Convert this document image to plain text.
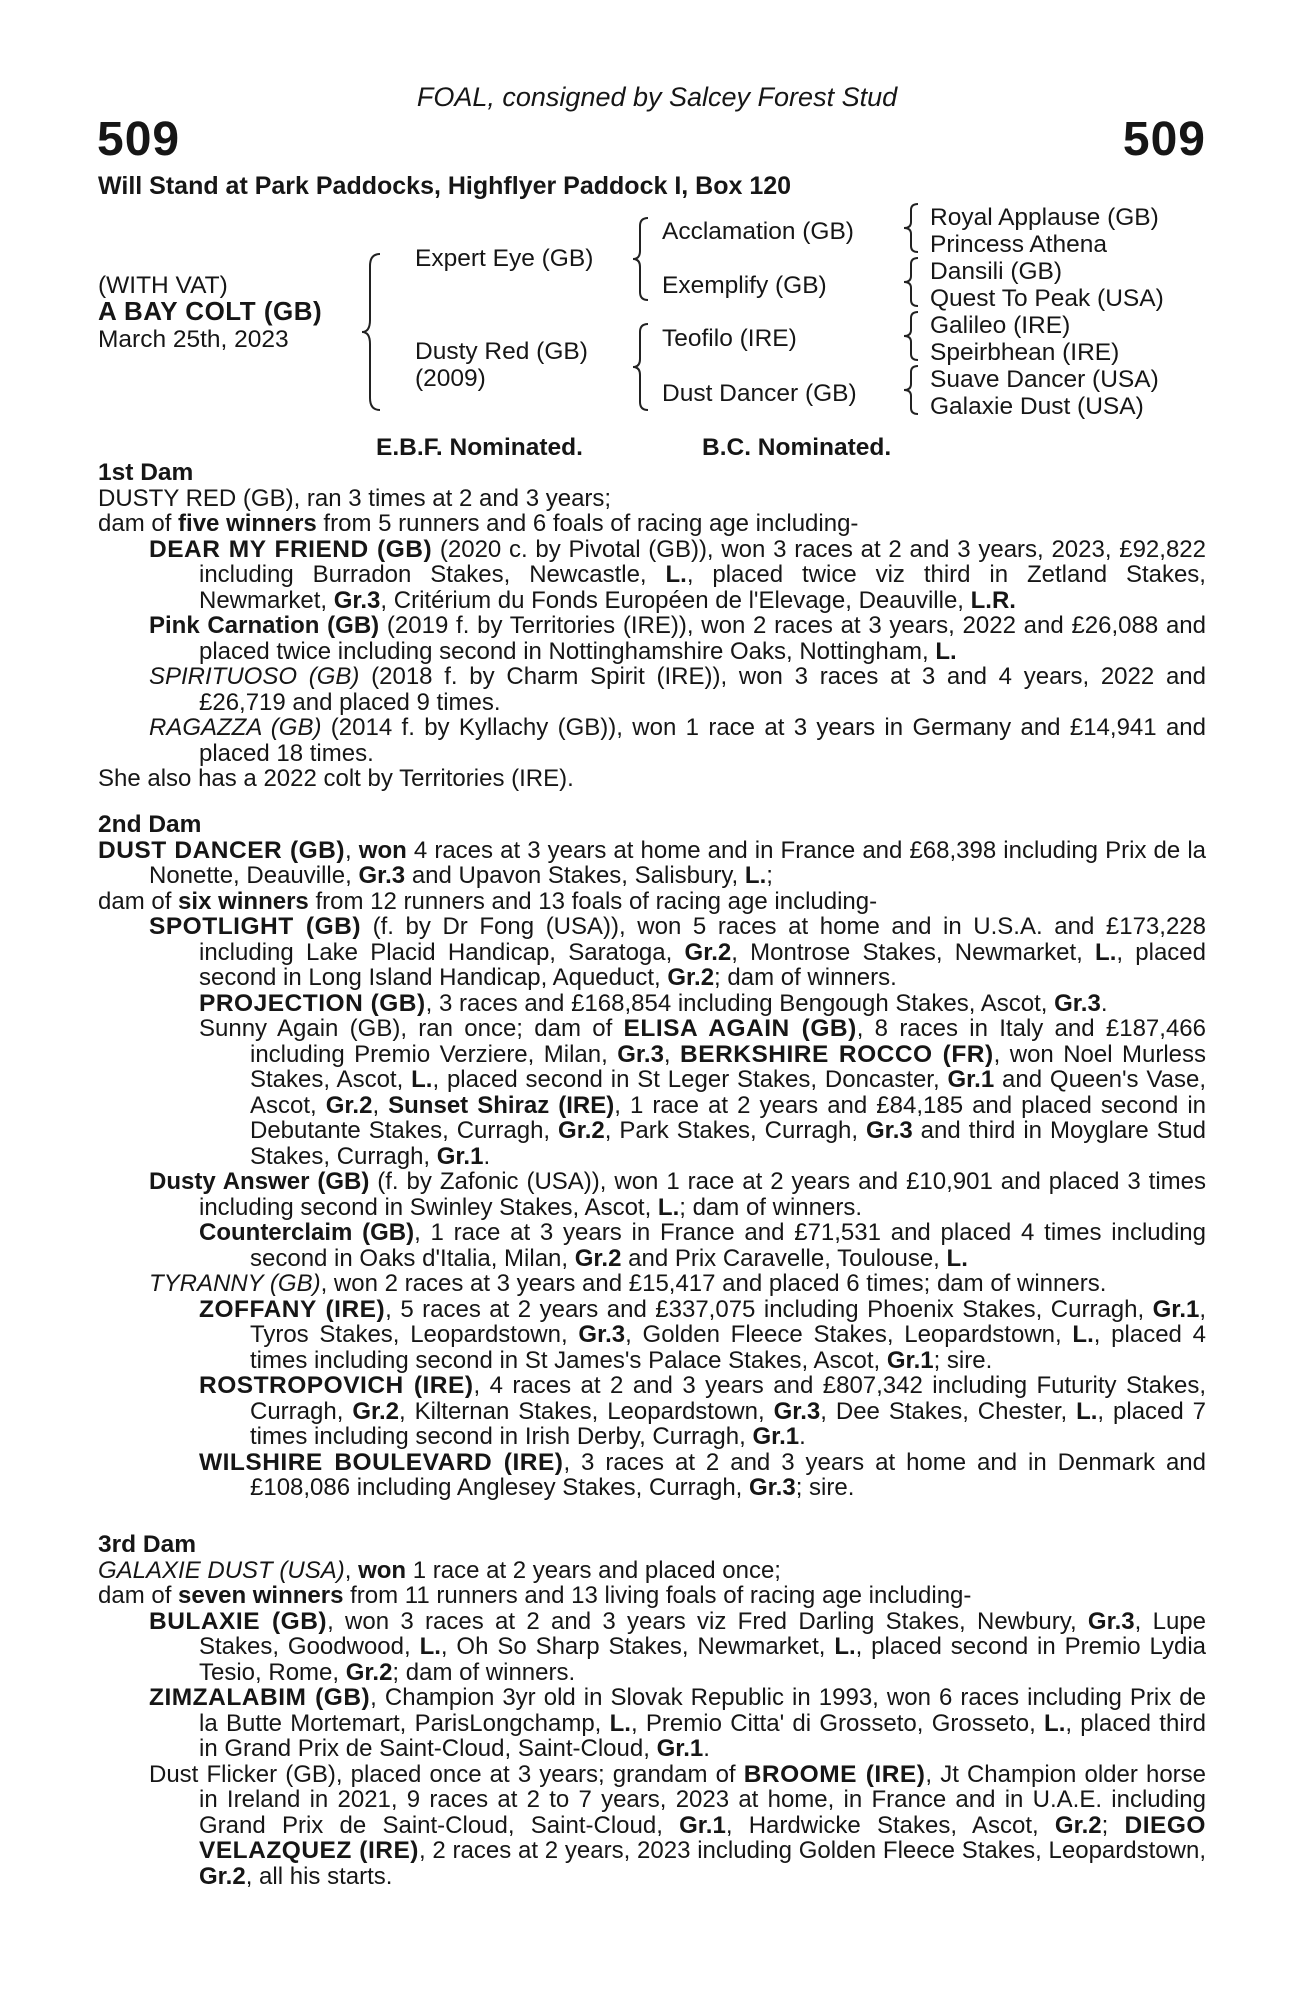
FOAL, consigned by Salcey Forest Stud
509	509
Will Stand at Park Paddocks, Highflyer Paddock I, Box 120
(WITH VAT)
A BAY COLT (GB)
March 25th, 2023
Expert Eye (GB)
Dusty Red (GB)
(2009)
Acclamation (GB)
Exemplify (GB)
Teofilo (IRE)
Dust Dancer (GB)
Royal Applause (GB)
Princess Athena
Dansili (GB)
Quest To Peak (USA)
Galileo (IRE)
Speirbhean (IRE)
Suave Dancer (USA)
Galaxie Dust (USA)
E.B.F. Nominated.	B.C. Nominated.

1st Dam

DUSTY RED (GB), ran 3 times at 2 and 3 years;

dam of five winners from 5 runners and 6 foals of racing age including-

DEAR MY FRIEND (GB) (2020 c. by Pivotal (GB)), won 3 races at 2 and 3 years, 2023, £92,822 including Burradon Stakes, Newcastle, L., placed twice viz third in Zetland Stakes, Newmarket, Gr.3, Critérium du Fonds Européen de l'Elevage, Deauville, L.R.

Pink Carnation (GB) (2019 f. by Territories (IRE)), won 2 races at 3 years, 2022 and £26,088 and placed twice including second in Nottinghamshire Oaks, Nottingham, L.

SPIRITUOSO (GB) (2018 f. by Charm Spirit (IRE)), won 3 races at 3 and 4 years, 2022 and £26,719 and placed 9 times.

RAGAZZA (GB) (2014 f. by Kyllachy (GB)), won 1 race at 3 years in Germany and £14,941 and placed 18 times.

She also has a 2022 colt by Territories (IRE).

2nd Dam

DUST DANCER (GB), won 4 races at 3 years at home and in France and £68,398 including Prix de la Nonette, Deauville, Gr.3 and Upavon Stakes, Salisbury, L.;

dam of six winners from 12 runners and 13 foals of racing age including-

SPOTLIGHT (GB) (f. by Dr Fong (USA)), won 5 races at home and in U.S.A. and £173,228 including Lake Placid Handicap, Saratoga, Gr.2, Montrose Stakes, Newmarket, L., placed second in Long Island Handicap, Aqueduct, Gr.2; dam of winners.

PROJECTION (GB), 3 races and £168,854 including Bengough Stakes, Ascot, Gr.3.

Sunny Again (GB), ran once; dam of ELISA AGAIN (GB), 8 races in Italy and £187,466 including Premio Verziere, Milan, Gr.3, BERKSHIRE ROCCO (FR), won Noel Murless Stakes, Ascot, L., placed second in St Leger Stakes, Doncaster, Gr.1 and Queen's Vase, Ascot, Gr.2, Sunset Shiraz (IRE), 1 race at 2 years and £84,185 and placed second in Debutante Stakes, Curragh, Gr.2, Park Stakes, Curragh, Gr.3 and third in Moyglare Stud Stakes, Curragh, Gr.1.

Dusty Answer (GB) (f. by Zafonic (USA)), won 1 race at 2 years and £10,901 and placed 3 times including second in Swinley Stakes, Ascot, L.; dam of winners.

Counterclaim (GB), 1 race at 3 years in France and £71,531 and placed 4 times including second in Oaks d'Italia, Milan, Gr.2 and Prix Caravelle, Toulouse, L.

TYRANNY (GB), won 2 races at 3 years and £15,417 and placed 6 times; dam of winners.

ZOFFANY (IRE), 5 races at 2 years and £337,075 including Phoenix Stakes, Curragh, Gr.1, Tyros Stakes, Leopardstown, Gr.3, Golden Fleece Stakes, Leopardstown, L., placed 4 times including second in St James's Palace Stakes, Ascot, Gr.1; sire.

ROSTROPOVICH (IRE), 4 races at 2 and 3 years and £807,342 including Futurity Stakes, Curragh, Gr.2, Kilternan Stakes, Leopardstown, Gr.3, Dee Stakes, Chester, L., placed 7 times including second in Irish Derby, Curragh, Gr.1.

WILSHIRE BOULEVARD (IRE), 3 races at 2 and 3 years at home and in Denmark and £108,086 including Anglesey Stakes, Curragh, Gr.3; sire.

3rd Dam

GALAXIE DUST (USA), won 1 race at 2 years and placed once;

dam of seven winners from 11 runners and 13 living foals of racing age including-

BULAXIE (GB), won 3 races at 2 and 3 years viz Fred Darling Stakes, Newbury, Gr.3, Lupe Stakes, Goodwood, L., Oh So Sharp Stakes, Newmarket, L., placed second in Premio Lydia Tesio, Rome, Gr.2; dam of winners.

ZIMZALABIM (GB), Champion 3yr old in Slovak Republic in 1993, won 6 races including Prix de la Butte Mortemart, ParisLongchamp, L., Premio Citta' di Grosseto, Grosseto, L., placed third in Grand Prix de Saint-Cloud, Saint-Cloud, Gr.1.

Dust Flicker (GB), placed once at 3 years; grandam of BROOME (IRE), Jt Champion older horse in Ireland in 2021, 9 races at 2 to 7 years, 2023 at home, in France and in U.A.E. including Grand Prix de Saint-Cloud, Saint-Cloud, Gr.1, Hardwicke Stakes, Ascot, Gr.2; DIEGO VELAZQUEZ (IRE), 2 races at 2 years, 2023 including Golden Fleece Stakes, Leopardstown, Gr.2, all his starts.
